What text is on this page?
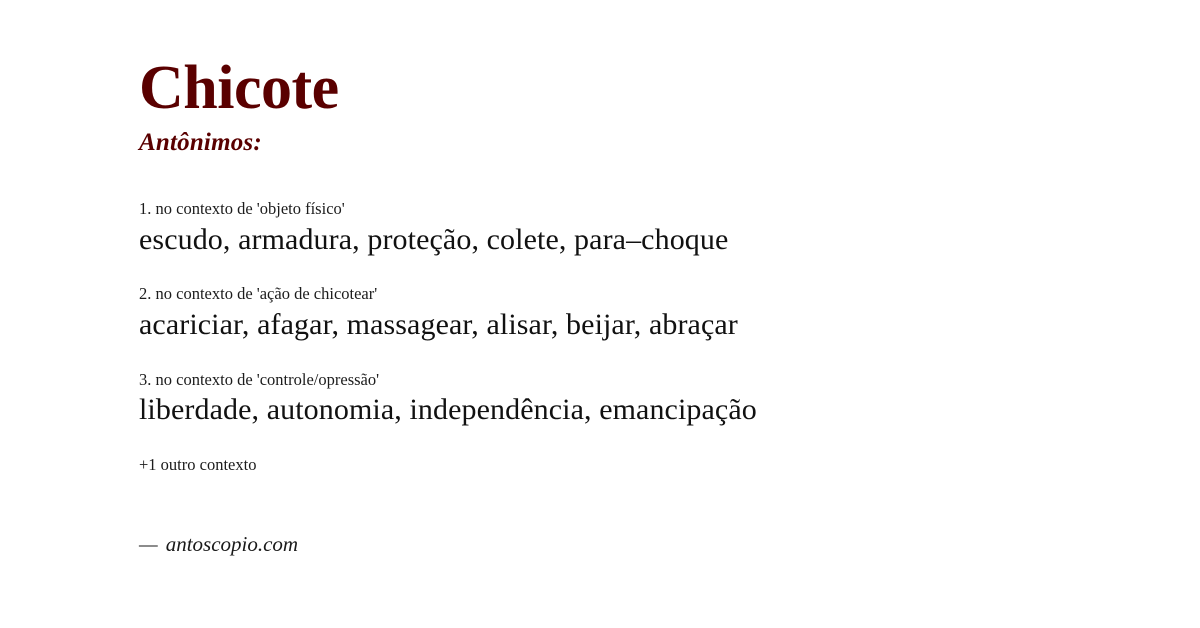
Chicote
Antônimos:

1. no contexto de 'objeto físico'

escudo, armadura, proteção, colete, para–choque

2. no contexto de 'ação de chicotear'

acariciar, afagar, massagear, alisar, beijar, abraçar

3. no contexto de 'controle/opressão'

liberdade, autonomia, independência, emancipação

+1 outro contexto
— antoscopio.com
